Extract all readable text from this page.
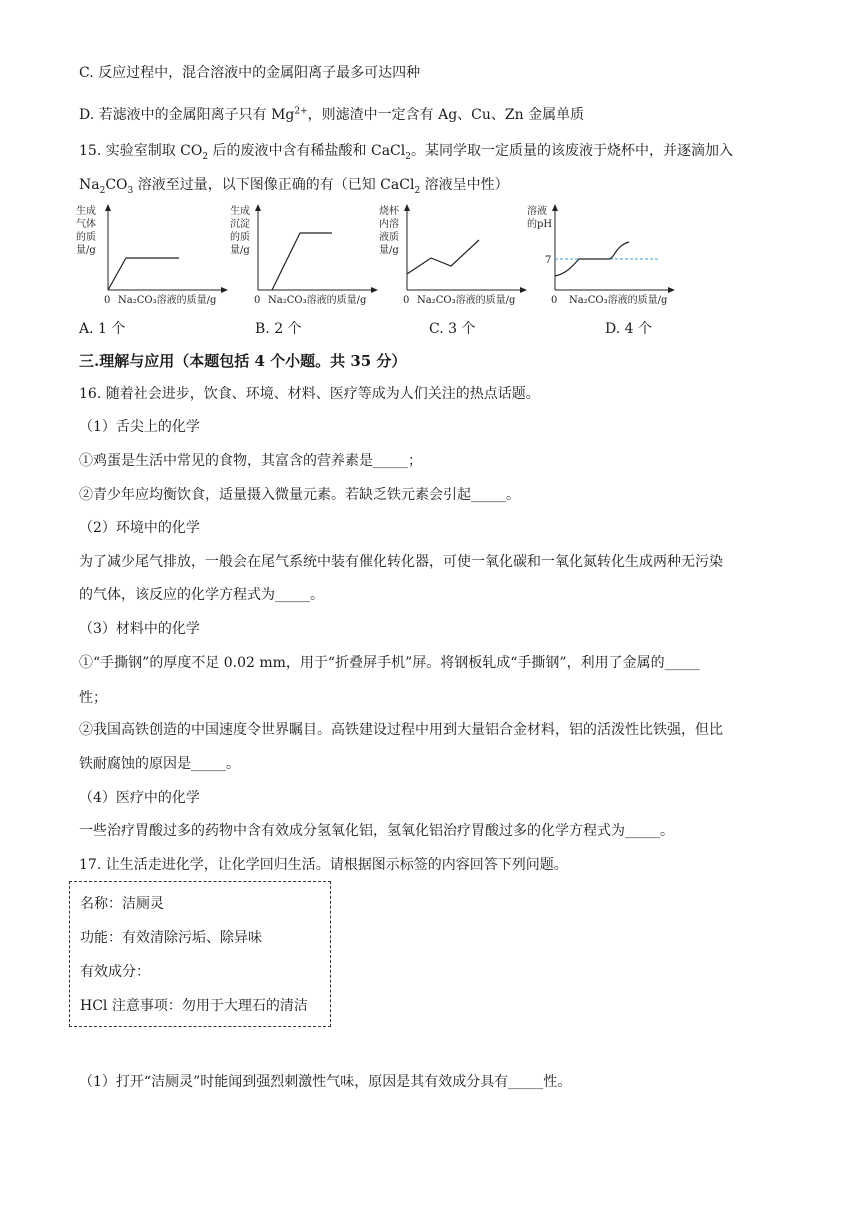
C. 反应过程中，混合溶液中的金属阳离子最多可达四种
D. 若滤液中的金属阳离子只有 $Mg^{2+}$，则滤渣中一定含有 Ag、Cu、Zn 金属单质
15. 实验室制取 $CO_2$ 后的废液中含有稀盐酸和 CaCl$_2$。某同学取一定质量的该废液于烧杯中，并逐滴加入
$Na_2CO_3$ 溶液至过量，以下图像正确的有（已知 CaCl$_2$ 溶液呈中性）
生成
气体
的质
量/g
0 Na₂CO₃溶液的质量/g
生成
沉淀
的质
量/g
0 Na₂CO₃溶液的质量/g
烧杯
内溶
液质
量/g
0 Na₂CO₃溶液的质量/g
溶液
的pH
7
0 Na₂CO₃溶液的质量/g
A. 1 个	B. 2 个	C. 3 个	D. 4 个
三.理解与应用（本题包括 4 个小题。共 35 分）
16. 随着社会进步，饮食、环境、材料、医疗等成为人们关注的热点话题。
（1）舌尖上的化学
①鸡蛋是生活中常见的食物，其富含的营养素是_____；
②青少年应均衡饮食，适量摄入微量元素。若缺乏铁元素会引起_____。
（2）环境中的化学
为了减少尾气排放，一般会在尾气系统中装有催化转化器，可使一氧化碳和一氧化氮转化生成两种无污染
的气体，该反应的化学方程式为_____。
（3）材料中的化学
①“手撕钢”的厚度不足 0.02 mm，用于“折叠屏手机”屏。将钢板轧成“手撕钢”，利用了金属的_____
性；
②我国高铁创造的中国速度令世界瞩目。高铁建设过程中用到大量铝合金材料，铝的活泼性比铁强，但比
铁耐腐蚀的原因是_____。
（4）医疗中的化学
一些治疗胃酸过多的药物中含有效成分氢氧化铝，氢氧化铝治疗胃酸过多的化学方程式为_____。
17. 让生活走进化学，让化学回归生活。请根据图示标签的内容回答下列问题。
名称：洁厕灵
功能：有效清除污垢、除异味
有效成分：
HCl 注意事项：勿用于大理石的清洁
（1）打开“洁厕灵”时能闻到强烈刺激性气味，原因是其有效成分具有_____性。
